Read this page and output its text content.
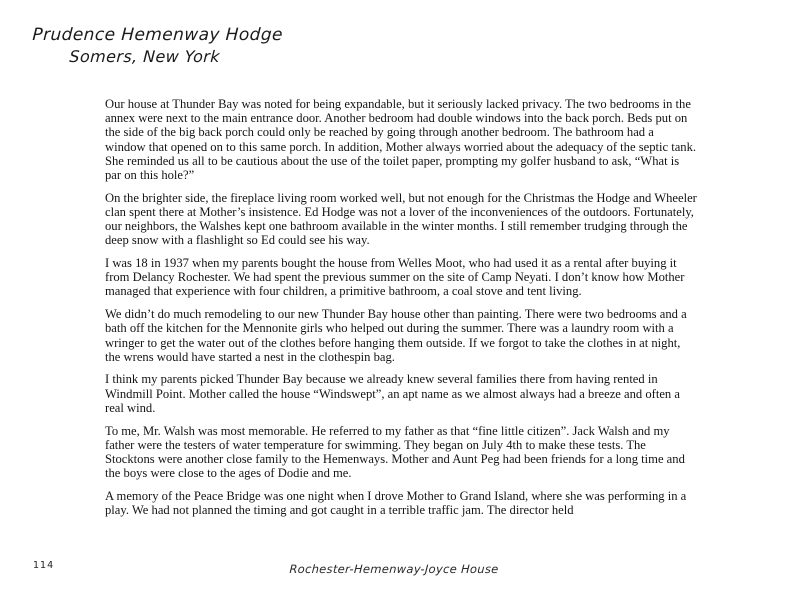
Prudence Hemenway Hodge
Somers, New York

Our house at Thunder Bay was noted for being expandable, but it seriously lacked privacy. The two bedrooms in the annex were next to the main entrance door. Another bedroom had double windows into the back porch. Beds put on the side of the big back porch could only be reached by going through another bedroom. The bathroom had a window that opened on to this same porch. In addition, Mother always worried about the adequacy of the septic tank. She reminded us all to be cautious about the use of the toilet paper, prompting my golfer husband to ask, “What is par on this hole?”

On the brighter side, the fireplace living room worked well, but not enough for the Christmas the Hodge and Wheeler clan spent there at Mother’s insistence. Ed Hodge was not a lover of the inconveniences of the outdoors. Fortunately, our neighbors, the Walshes kept one bathroom available in the winter months. I still remember trudging through the deep snow with a flashlight so Ed could see his way.

I was 18 in 1937 when my parents bought the house from Welles Moot, who had used it as a rental after buying it from Delancy Rochester. We had spent the previous summer on the site of Camp Neyati. I don’t know how Mother managed that experience with four children, a primitive bathroom, a coal stove and tent living.

We didn’t do much remodeling to our new Thunder Bay house other than painting. There were two bedrooms and a bath off the kitchen for the Mennonite girls who helped out during the summer. There was a laundry room with a wringer to get the water out of the clothes before hanging them outside. If we forgot to take the clothes in at night, the wrens would have started a nest in the clothespin bag.

I think my parents picked Thunder Bay because we already knew several families there from having rented in Windmill Point. Mother called the house “Windswept”, an apt name as we almost always had a breeze and often a real wind.

To me, Mr. Walsh was most memorable. He referred to my father as that “fine little citizen”. Jack Walsh and my father were the testers of water temperature for swimming. They began on July 4th to make these tests. The Stocktons were another close family to the Hemenways. Mother and Aunt Peg had been friends for a long time and the boys were close to the ages of Dodie and me.

A memory of the Peace Bridge was one night when I drove Mother to Grand Island, where she was performing in a play. We had not planned the timing and got caught in a terrible traffic jam. The director held

114	Rochester-Hemenway-Joyce House
